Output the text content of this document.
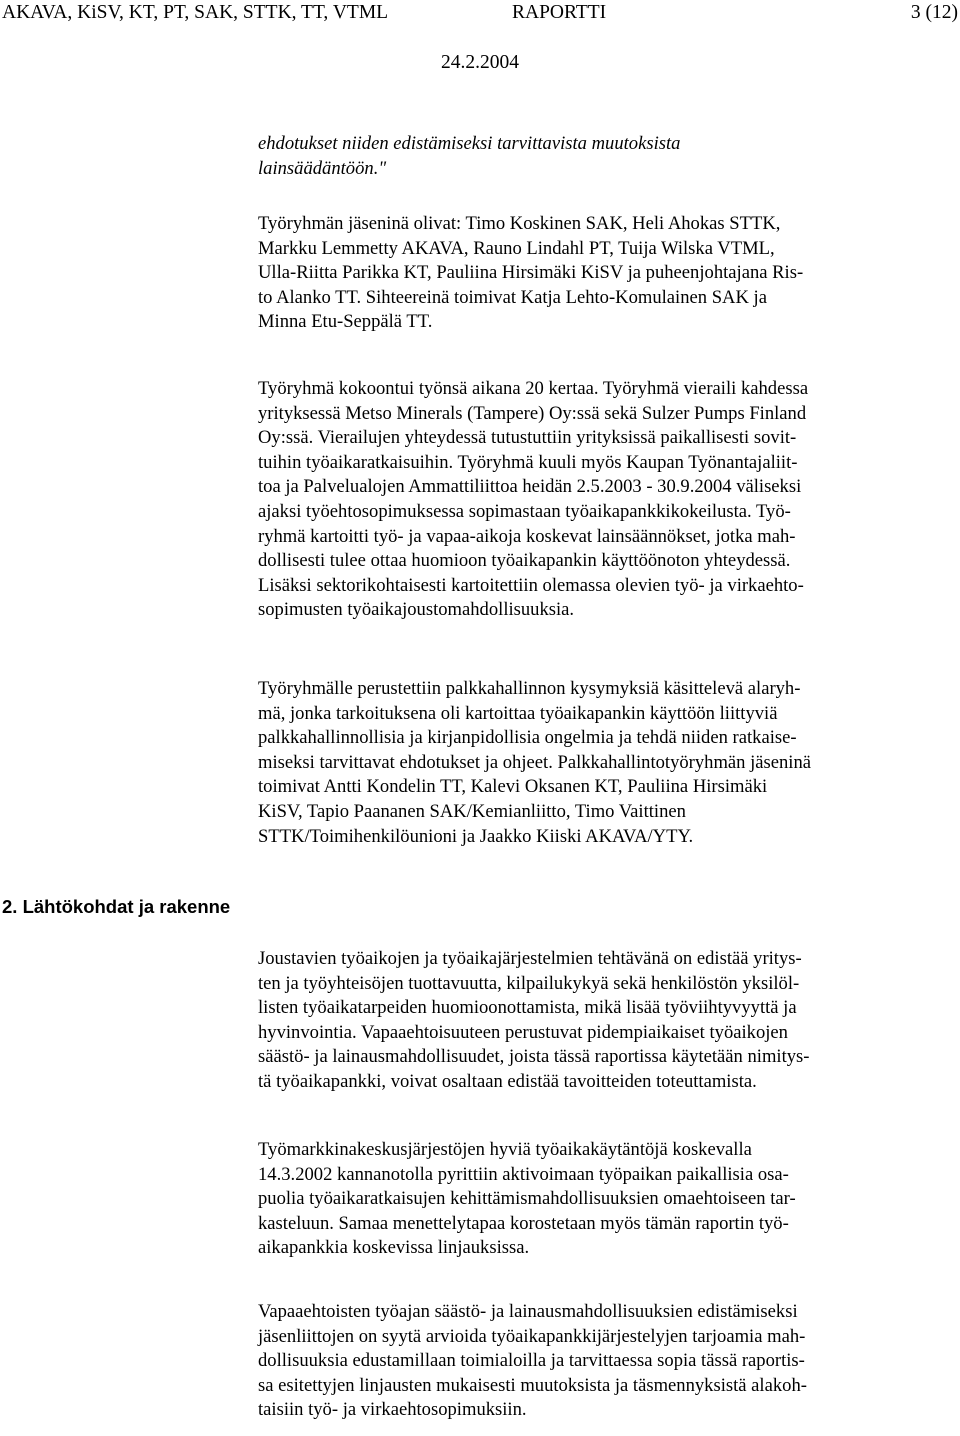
AKAVA, KiSV, KT, PT, SAK, STTK, TT, VTML	RAPORTTI	3 (12)
24.2.2004
2. Lähtökohdat ja rakenne
ehdotukset niiden edistämiseksi tarvittavista muutoksista
lainsäädäntöön."
Työryhmän jäseninä olivat: Timo Koskinen SAK, Heli Ahokas STTK,
Markku Lemmetty AKAVA, Rauno Lindahl PT, Tuija Wilska VTML,
Ulla-Riitta Parikka KT, Pauliina Hirsimäki KiSV ja puheenjohtajana Ris-
to Alanko TT. Sihteereinä toimivat Katja Lehto-Komulainen SAK ja
Minna Etu-Seppälä TT.
Työryhmä kokoontui työnsä aikana 20 kertaa. Työryhmä vieraili kahdessa
yrityksessä Metso Minerals (Tampere) Oy:ssä sekä Sulzer Pumps Finland
Oy:ssä. Vierailujen yhteydessä tutustuttiin yrityksissä paikallisesti sovit-
tuihin työaikaratkaisuihin. Työryhmä kuuli myös Kaupan Työnantajaliit-
toa ja Palvelualojen Ammattiliittoa heidän 2.5.2003 - 30.9.2004 väliseksi
ajaksi työehtosopimuksessa sopimastaan työaikapankkikokeilusta. Työ-
ryhmä kartoitti työ- ja vapaa-aikoja koskevat lainsäännökset, jotka mah-
dollisesti tulee ottaa huomioon työaikapankin käyttöönoton yhteydessä.
Lisäksi sektorikohtaisesti kartoitettiin olemassa olevien työ- ja virkaehto-
sopimusten työaikajoustomahdollisuuksia.
Työryhmälle perustettiin palkkahallinnon kysymyksiä käsittelevä alaryh-
mä, jonka tarkoituksena oli kartoittaa työaikapankin käyttöön liittyviä
palkkahallinnollisia ja kirjanpidollisia ongelmia ja tehdä niiden ratkaise-
miseksi tarvittavat ehdotukset ja ohjeet. Palkkahallintotyöryhmän jäseninä
toimivat Antti Kondelin TT, Kalevi Oksanen KT, Pauliina Hirsimäki
KiSV, Tapio Paananen SAK/Kemianliitto, Timo Vaittinen
STTK/Toimihenkilöunioni ja Jaakko Kiiski AKAVA/YTY.
Joustavien työaikojen ja työaikajärjestelmien tehtävänä on edistää yritys-
ten ja työyhteisöjen tuottavuutta, kilpailukykyä sekä henkilöstön yksilöl-
listen työaikatarpeiden huomioonottamista, mikä lisää työviihtyvyyttä ja
hyvinvointia. Vapaaehtoisuuteen perustuvat pidempiaikaiset työaikojen
säästö- ja lainausmahdollisuudet, joista tässä raportissa käytetään nimitys-
tä työaikapankki, voivat osaltaan edistää tavoitteiden toteuttamista.
Työmarkkinakeskusjärjestöjen hyviä työaikakäytäntöjä koskevalla
14.3.2002 kannanotolla pyrittiin aktivoimaan työpaikan paikallisia osa-
puolia työaikaratkaisujen kehittämismahdollisuuksien omaehtoiseen tar-
kasteluun. Samaa menettelytapaa korostetaan myös tämän raportin työ-
aikapankkia koskevissa linjauksissa.
Vapaaehtoisten työajan säästö- ja lainausmahdollisuuksien edistämiseksi
jäsenliittojen on syytä arvioida työaikapankkijärjestelyjen tarjoamia mah-
dollisuuksia edustamillaan toimialoilla ja tarvittaessa sopia tässä raportis-
sa esitettyjen linjausten mukaisesti muutoksista ja täsmennyksistä alakoh-
taisiin työ- ja virkaehtosopimuksiin.
